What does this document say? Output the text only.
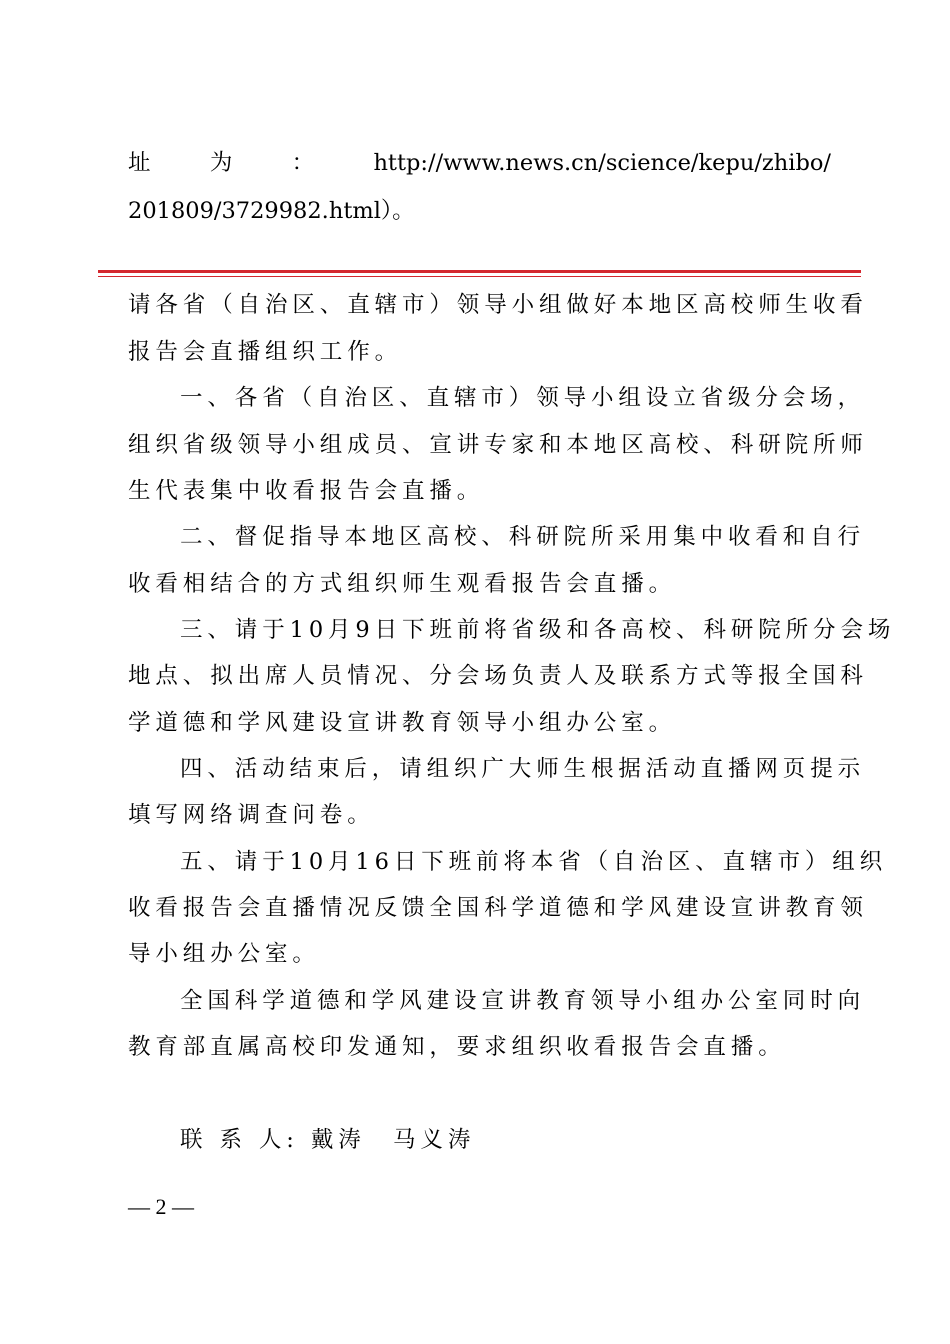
址	为	：	http://www.news.cn/science/kepu/zhibo/
201809/3729982.html）。
请各省（自治区、直辖市）领导小组做好本地区高校师生收看
报告会直播组织工作。
一、各省（自治区、直辖市）领导小组设立省级分会场，
组织省级领导小组成员、宣讲专家和本地区高校、科研院所师
生代表集中收看报告会直播。
二、督促指导本地区高校、科研院所采用集中收看和自行
收看相结合的方式组织师生观看报告会直播。
三、请于10月9日下班前将省级和各高校、科研院所分会场
地点、拟出席人员情况、分会场负责人及联系方式等报全国科
学道德和学风建设宣讲教育领导小组办公室。
四、活动结束后，请组织广大师生根据活动直播网页提示
填写网络调查问卷。
五、请于10月16日下班前将本省（自治区、直辖市）组织
收看报告会直播情况反馈全国科学道德和学风建设宣讲教育领
导小组办公室。
全国科学道德和学风建设宣讲教育领导小组办公室同时向
教育部直属高校印发通知，要求组织收看报告会直播。
联 系 人: 戴涛　马义涛
— 2 —
